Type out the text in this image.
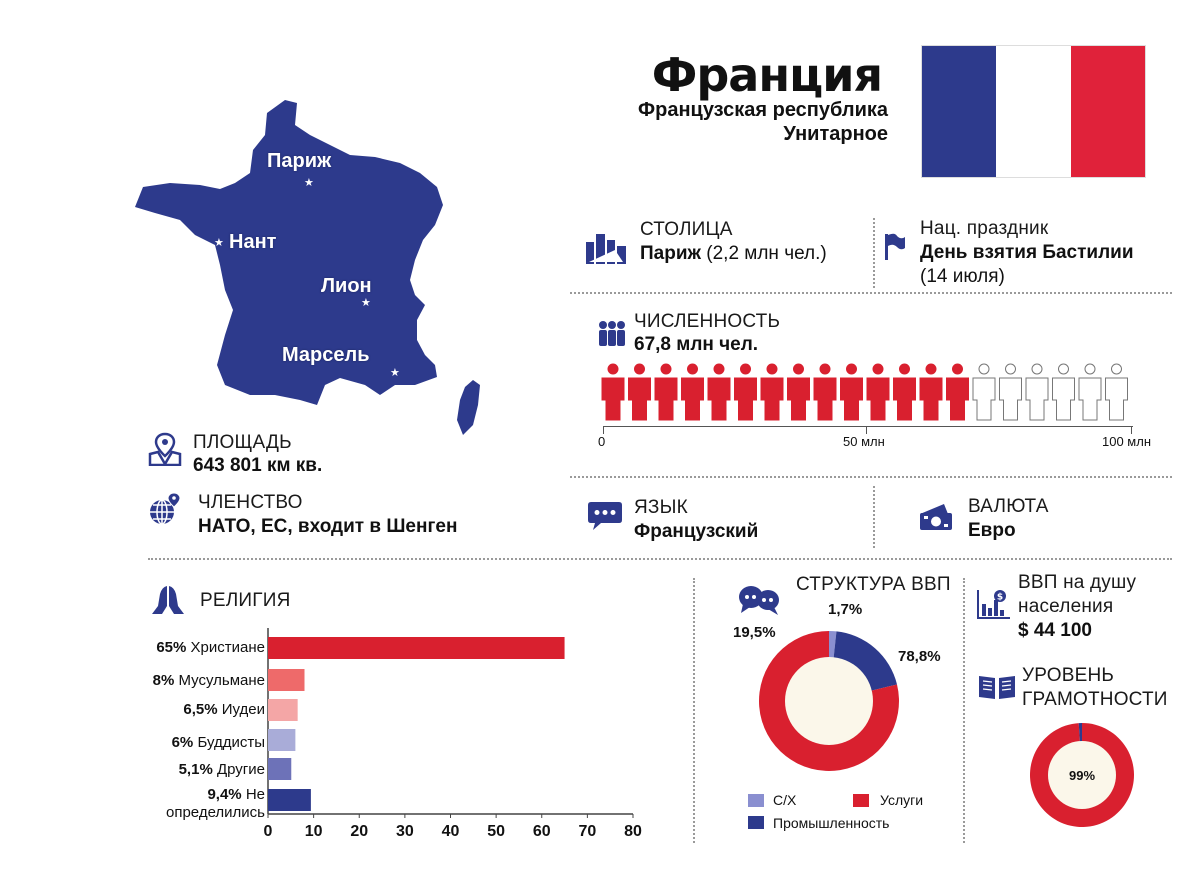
Париж
★
Нант
★
Лион
★
Марсель
★
Франция
Французская республика
Унитарное
СТОЛИЦА
Париж (2,2 млн чел.)
Нац. праздник
День взятия Бастилии
(14 июля)
ЧИСЛЕННОСТЬ
67,8 млн чел.
0	50 млн	100 млн
ПЛОЩАДЬ
643 801 км кв.
ЧЛЕНСТВО
НАТО, ЕС, входит в Шенген
ЯЗЫК
Французский
ВАЛЮТА
Евро
РЕЛИГИЯ
65% Христиане
8% Мусульмане
6,5% Иудеи
6% Буддисты
5,1% Другие
9,4% Не
определились
0 10 20 30 40 50 60 70 80
СТРУКТУРА ВВП
1,7%
19,5%
78,8%
С/Х	Услуги
Промышленность
$
ВВП на душу
населения
$ 44 100
УРОВЕНЬ
ГРАМОТНОСТИ
99%
